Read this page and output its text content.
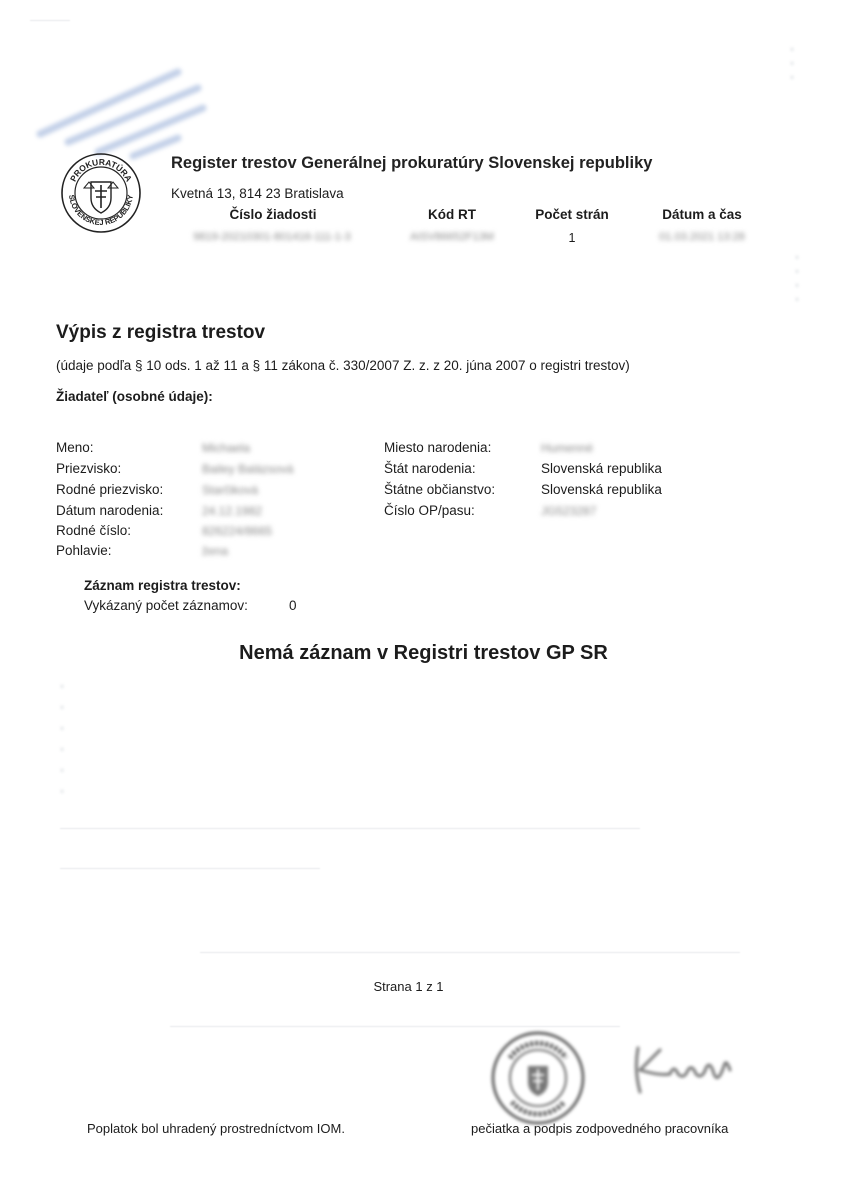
▫
▫
▫
▫
▫
▫
▫
▫
▫
▫
▫
▫
▫
PROKURATÚRA
SLOVENSKEJ REPUBLIKY
Register trestov Generálnej prokuratúry Slovenskej republiky
Kvetná 13, 814 23 Bratislava
Číslo žiadosti	Kód RT	Počet strán	Dátum a čas
9819-20210301-801416-111-1-3	AISV86652F13M	1	01.03.2021 13:28
Výpis z registra trestov
(údaje podľa § 10 ods. 1 až 11 a § 11 zákona č. 330/2007 Z. z. z 20. júna 2007 o registri trestov)
Žiadateľ (osobné údaje):
Meno:	Michaela
Priezvisko:	Bailey Balázsová
Rodné priezvisko:	Starčiková
Dátum narodenia:	24.12.1982
Rodné číslo:	826224/8665
Pohlavie:	žena
Miesto narodenia:	Humenné
Štát narodenia:	Slovenská republika
Štátne občianstvo:	Slovenská republika
Číslo OP/pasu:	JG523287
Záznam registra trestov:
Vykázaný počet záznamov:	0
Nemá záznam v Registri trestov GP SR
Strana 1 z 1
Poplatok bol uhradený prostredníctvom IOM.	pečiatka a podpis zodpovedného pracovníka
